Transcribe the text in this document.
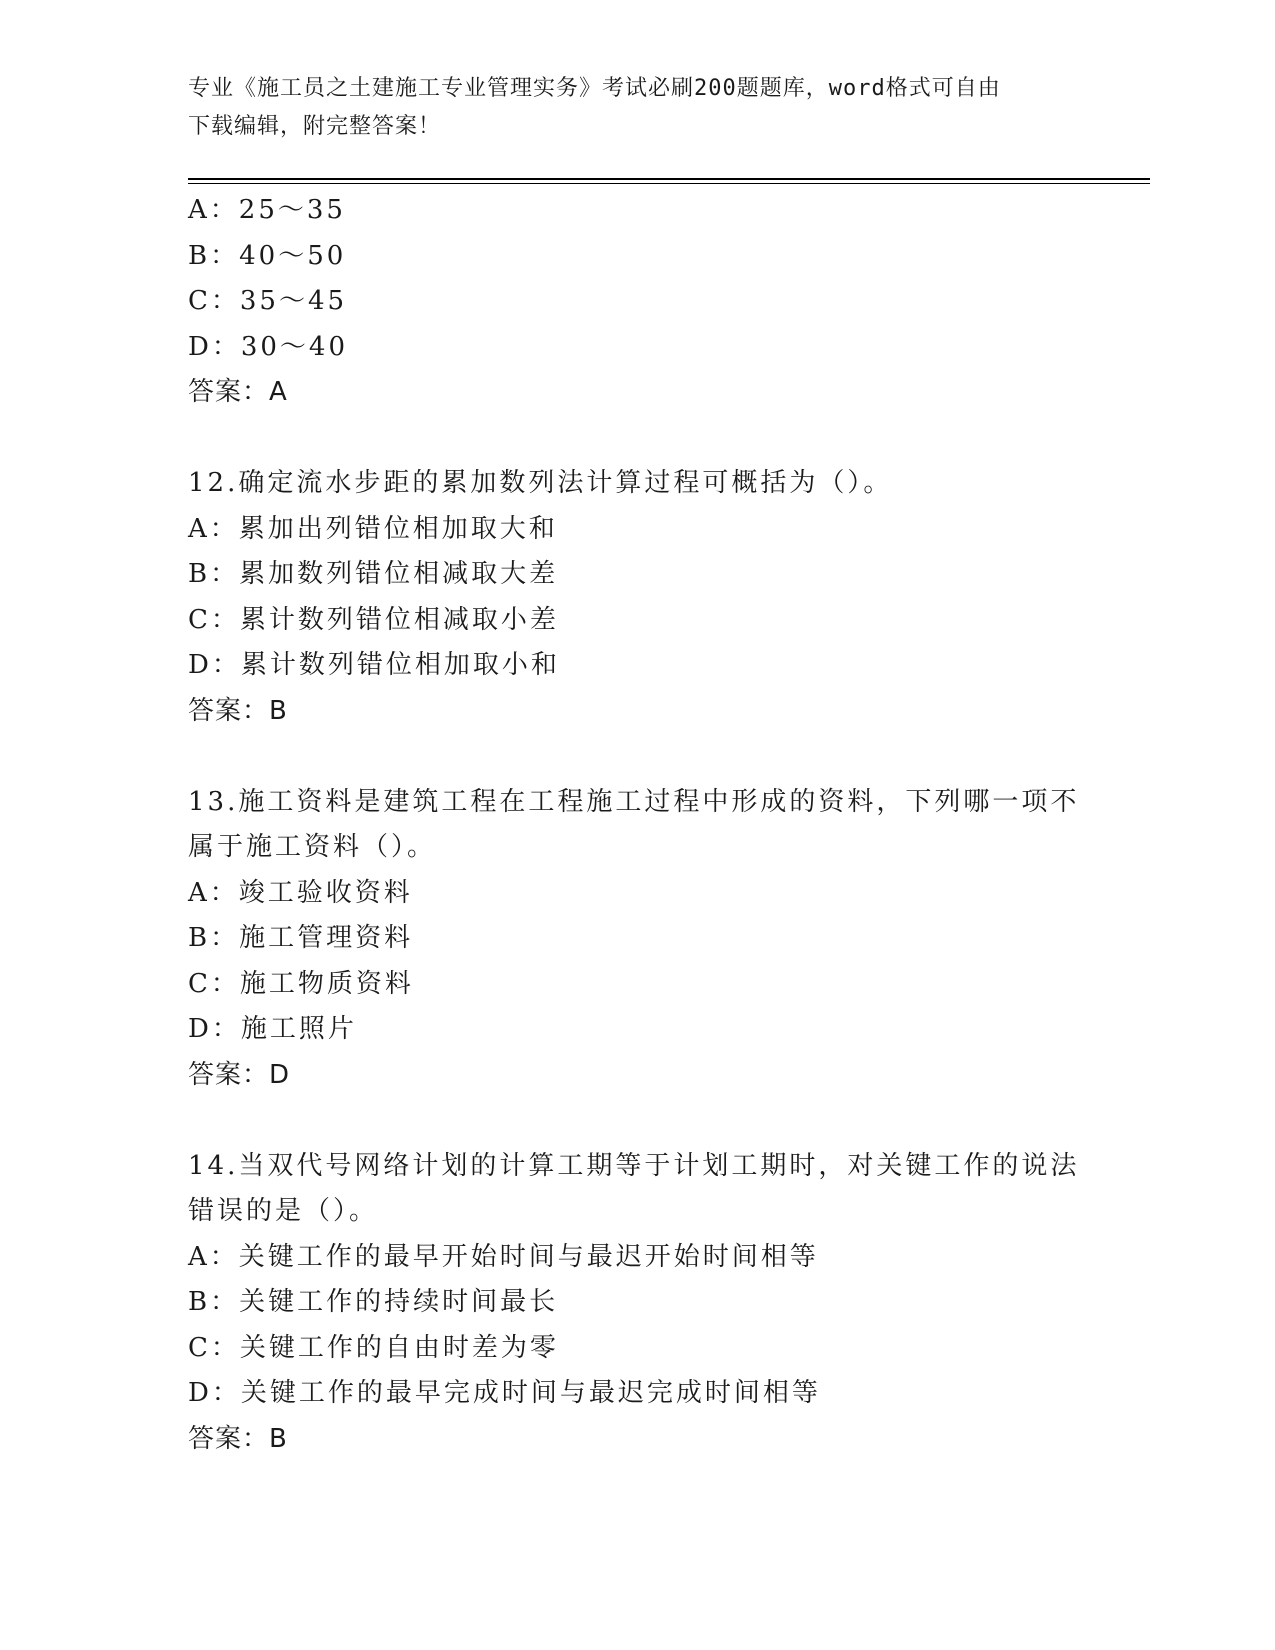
专业《施工员之土建施工专业管理实务》考试必刷200题题库，word格式可自由
下载编辑，附完整答案！
A：25～35
B：40～50
C：35～45
D：30～40
答案：A
12.确定流水步距的累加数列法计算过程可概括为（）。
A：累加出列错位相加取大和
B：累加数列错位相减取大差
C：累计数列错位相减取小差
D：累计数列错位相加取小和
答案：B
13.施工资料是建筑工程在工程施工过程中形成的资料，下列哪一项不
属于施工资料（）。
A：竣工验收资料
B：施工管理资料
C：施工物质资料
D：施工照片
答案：D
14.当双代号网络计划的计算工期等于计划工期时，对关键工作的说法
错误的是（）。
A：关键工作的最早开始时间与最迟开始时间相等
B：关键工作的持续时间最长
C：关键工作的自由时差为零
D：关键工作的最早完成时间与最迟完成时间相等
答案：B
